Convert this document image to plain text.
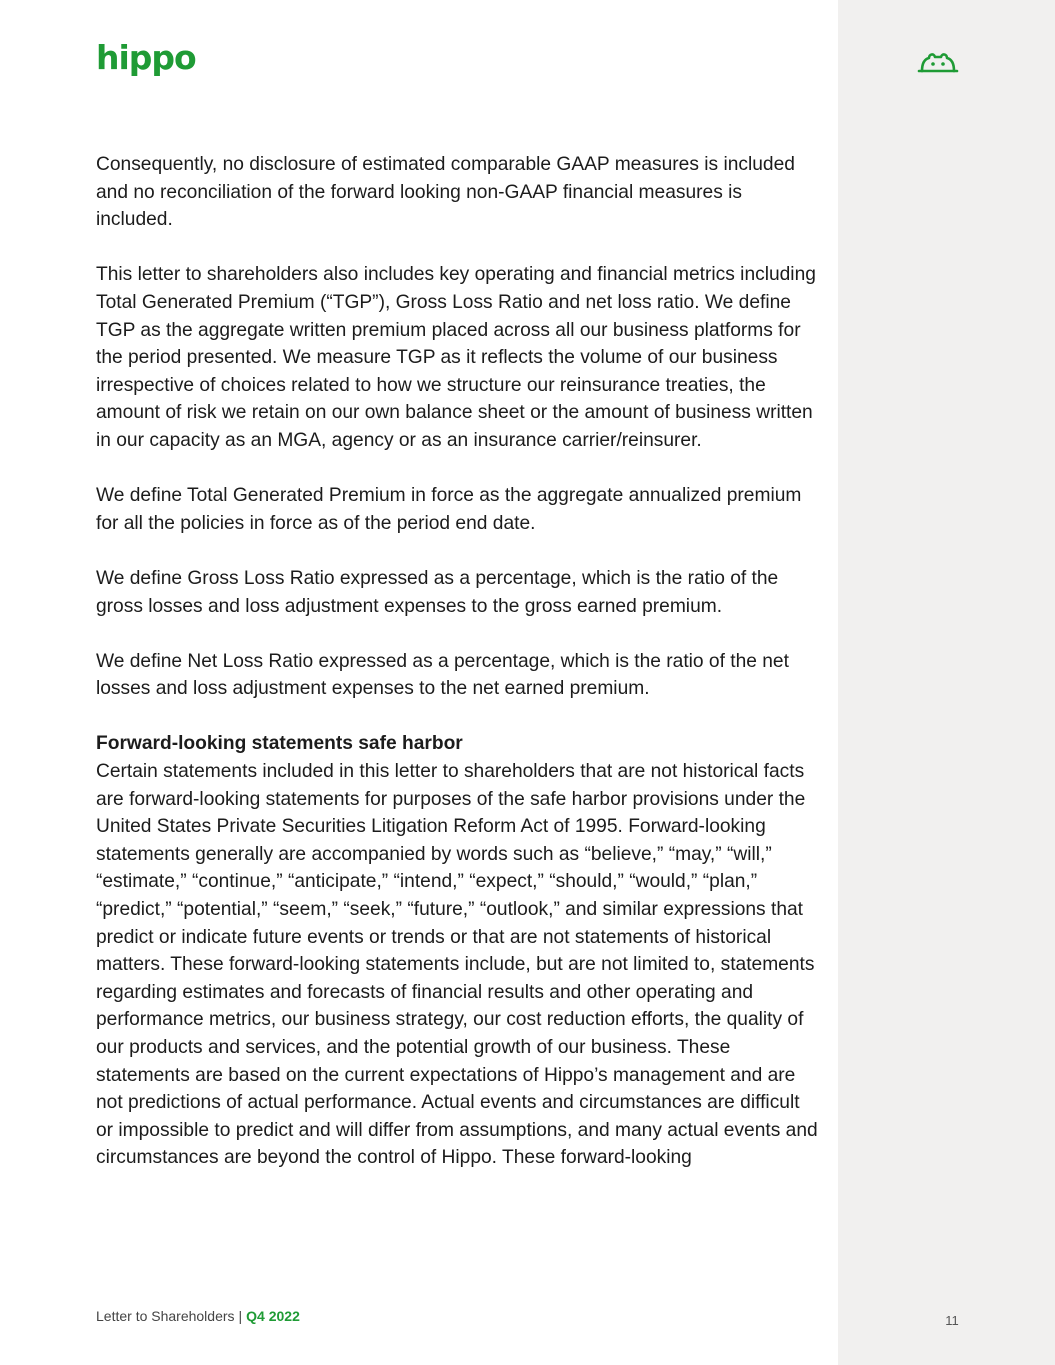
hippo

Consequently, no disclosure of estimated comparable GAAP measures is included and no reconciliation of the forward looking non-GAAP financial measures is included.

This letter to shareholders also includes key operating and financial metrics including Total Generated Premium (“TGP”), Gross Loss Ratio and net loss ratio. We define TGP as the aggregate written premium placed across all our business platforms for the period presented. We measure TGP as it reflects the volume of our business irrespective of choices related to how we structure our reinsurance treaties, the amount of risk we retain on our own balance sheet or the amount of business written in our capacity as an MGA, agency or as an insurance carrier/reinsurer.

We define Total Generated Premium in force as the aggregate annualized premium for all the policies in force as of the period end date.

We define Gross Loss Ratio expressed as a percentage, which is the ratio of the gross losses and loss adjustment expenses to the gross earned premium.

We define Net Loss Ratio expressed as a percentage, which is the ratio of the net losses and loss adjustment expenses to the net earned premium.

Forward-looking statements safe harbor

Certain statements included in this letter to shareholders that are not historical facts are forward-looking statements for purposes of the safe harbor provisions under the United States Private Securities Litigation Reform Act of 1995. Forward-looking statements generally are accompanied by words such as “believe,” “may,” “will,” “estimate,” “continue,” “anticipate,” “intend,” “expect,” “should,” “would,” “plan,” “predict,” “potential,” “seem,” “seek,” “future,” “outlook,” and similar expressions that predict or indicate future events or trends or that are not statements of historical matters. These forward-looking statements include, but are not limited to, statements regarding estimates and forecasts of financial results and other operating and performance metrics, our business strategy, our cost reduction efforts, the quality of our products and services, and the potential growth of our business. These statements are based on the current expectations of Hippo’s management and are not predictions of actual performance. Actual events and circumstances are difficult or impossible to predict and will differ from assumptions, and many actual events and circumstances are beyond the control of Hippo. These forward-looking

Letter to Shareholders | Q4 2022	11
